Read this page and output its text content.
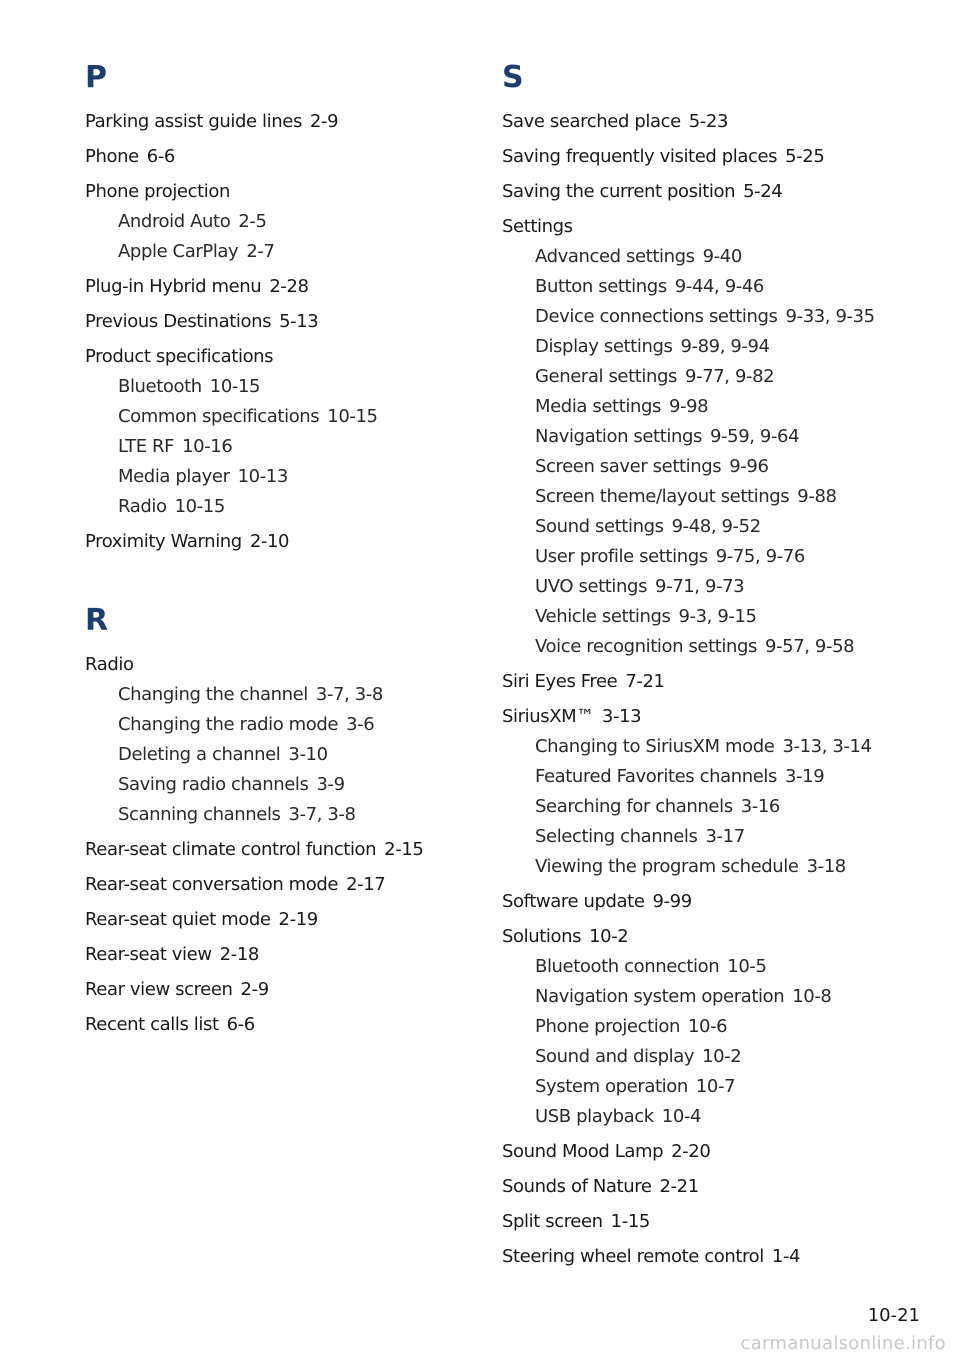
P
Parking assist guide lines 2-9
Phone 6-6
Phone projection
Android Auto 2-5
Apple CarPlay 2-7
Plug-in Hybrid menu 2-28
Previous Destinations 5-13
Product specifications
Bluetooth 10-15
Common specifications 10-15
LTE RF 10-16
Media player 10-13
Radio 10-15
Proximity Warning 2-10
R
Radio
Changing the channel 3-7, 3-8
Changing the radio mode 3-6
Deleting a channel 3-10
Saving radio channels 3-9
Scanning channels 3-7, 3-8
Rear-seat climate control function 2-15
Rear-seat conversation mode 2-17
Rear-seat quiet mode 2-19
Rear-seat view 2-18
Rear view screen 2-9
Recent calls list 6-6
S
Save searched place 5-23
Saving frequently visited places 5-25
Saving the current position 5-24
Settings
Advanced settings 9-40
Button settings 9-44, 9-46
Device connections settings 9-33, 9-35
Display settings 9-89, 9-94
General settings 9-77, 9-82
Media settings 9-98
Navigation settings 9-59, 9-64
Screen saver settings 9-96
Screen theme/layout settings 9-88
Sound settings 9-48, 9-52
User profile settings 9-75, 9-76
UVO settings 9-71, 9-73
Vehicle settings 9-3, 9-15
Voice recognition settings 9-57, 9-58
Siri Eyes Free 7-21
SiriusXM™ 3-13
Changing to SiriusXM mode 3-13, 3-14
Featured Favorites channels 3-19
Searching for channels 3-16
Selecting channels 3-17
Viewing the program schedule 3-18
Software update 9-99
Solutions 10-2
Bluetooth connection 10-5
Navigation system operation 10-8
Phone projection 10-6
Sound and display 10-2
System operation 10-7
USB playback 10-4
Sound Mood Lamp 2-20
Sounds of Nature 2-21
Split screen 1-15
Steering wheel remote control 1-4
10-21
carmanualsonline.info
